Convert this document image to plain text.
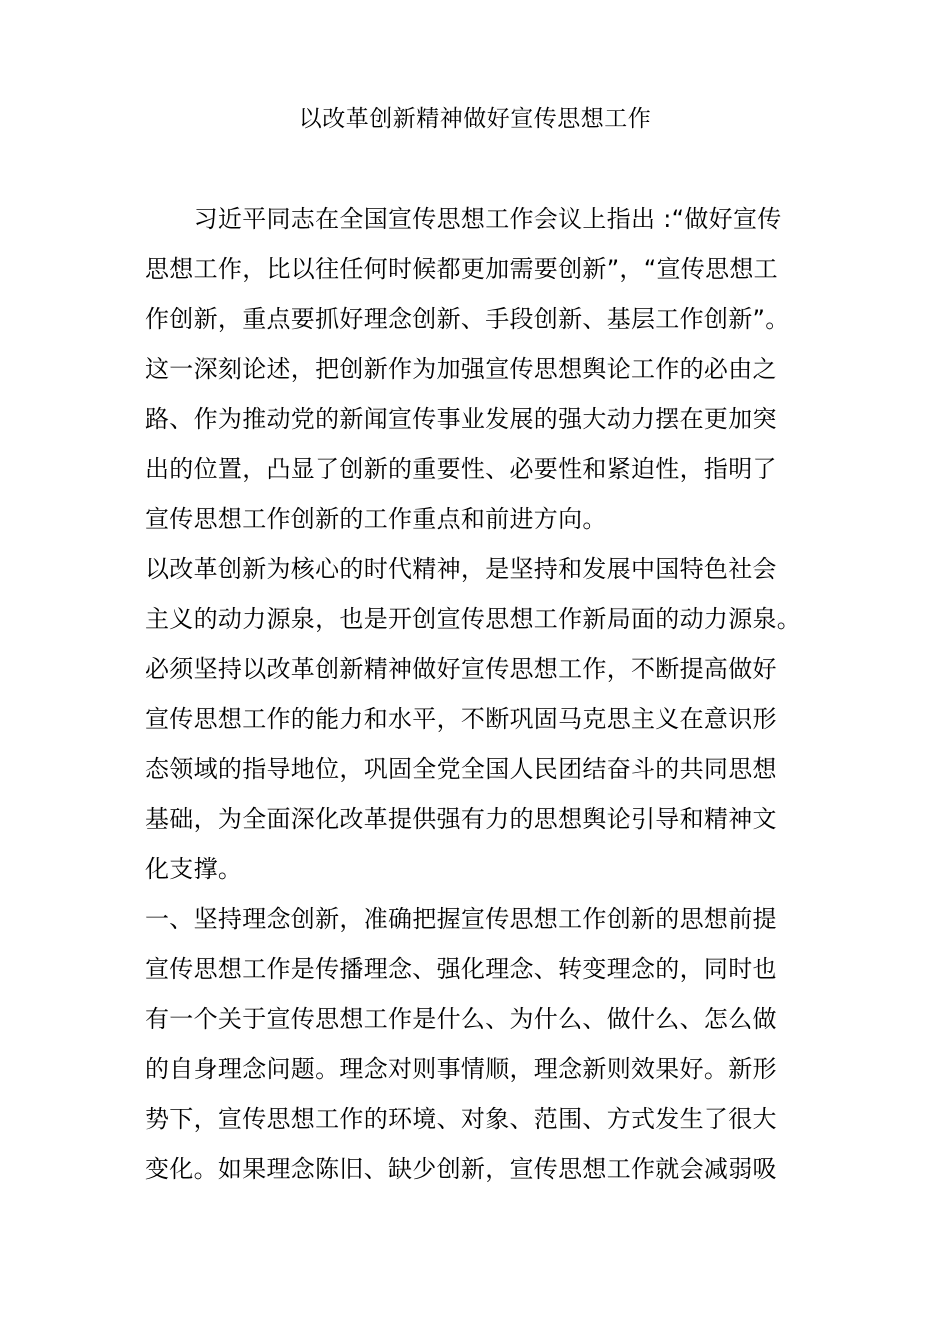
以改革创新精神做好宣传思想工作
　　习近平同志在全国宣传思想工作会议上指出 :“做好宣传
思想工作，比以往任何时候都更加需要创新”，“宣传思想工
作创新，重点要抓好理念创新、手段创新、基层工作创新”。
这一深刻论述，把创新作为加强宣传思想舆论工作的必由之
路、作为推动党的新闻宣传事业发展的强大动力摆在更加突
出的位置，凸显了创新的重要性、必要性和紧迫性，指明了
宣传思想工作创新的工作重点和前进方向。
以改革创新为核心的时代精神，是坚持和发展中国特色社会
主义的动力源泉，也是开创宣传思想工作新局面的动力源泉。
必须坚持以改革创新精神做好宣传思想工作，不断提高做好
宣传思想工作的能力和水平，不断巩固马克思主义在意识形
态领域的指导地位，巩固全党全国人民团结奋斗的共同思想
基础，为全面深化改革提供强有力的思想舆论引导和精神文
化支撑。
一、坚持理念创新，准确把握宣传思想工作创新的思想前提
宣传思想工作是传播理念、强化理念、转变理念的，同时也
有一个关于宣传思想工作是什么、为什么、做什么、怎么做
的自身理念问题。理念对则事情顺，理念新则效果好。新形
势下，宣传思想工作的环境、对象、范围、方式发生了很大
变化。如果理念陈旧、缺少创新，宣传思想工作就会减弱吸
